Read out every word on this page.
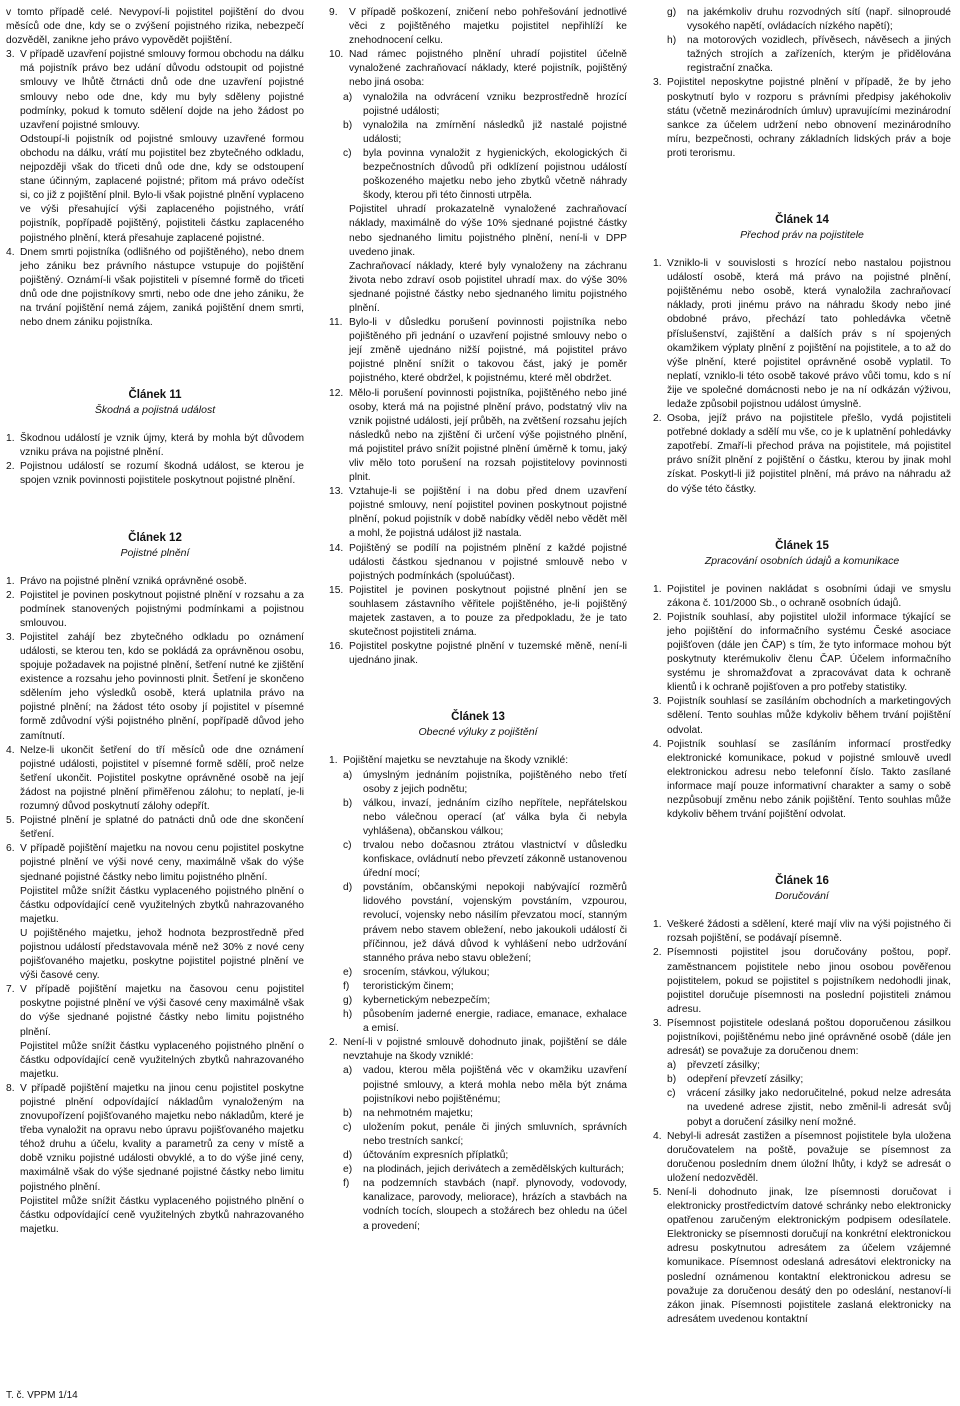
v tomto případě celé. Nevypoví-li pojistitel pojištění do dvou měsíců ode dne, kdy se o zvýšení pojistného rizika, nebezpečí dozvěděl, zanikne jeho právo vypovědět pojištění.

3. V případě uzavření pojistné smlouvy formou obchodu na dálku má pojistník právo bez udání důvodu odstoupit od pojistné smlouvy ve lhůtě čtrnácti dnů ode dne uzavření pojistné smlouvy nebo ode dne, kdy mu byly sděleny pojistné podmínky, pokud k tomuto sdělení dojde na jeho žádost po uzavření pojistné smlouvy.

Odstoupí-li pojistník od pojistné smlouvy uzavřené formou obchodu na dálku, vrátí mu pojistitel bez zbytečného odkladu, nejpozději však do třiceti dnů ode dne, kdy se odstoupení stane účinným, zaplacené pojistné; přitom má právo odečíst si, co již z pojištění plnil. Bylo-li však pojistné plnění vyplaceno ve výši přesahující výši zaplaceného pojistného, vrátí pojistník, popřípadě pojištěný, pojistiteli částku zaplaceného pojistného plnění, která přesahuje zaplacené pojistné.

4. Dnem smrti pojistníka (odlišného od pojištěného), nebo dnem jeho zániku bez právního nástupce vstupuje do pojištění pojištěný. Oznámí-li však pojistiteli v písemné formě do třiceti dnů ode dne pojistníkovy smrti, nebo ode dne jeho zániku, že na trvání pojištění nemá zájem, zaniká pojištění dnem smrti, nebo dnem zániku pojistníka.
Článek 11
Škodná a pojistná událost
1. Škodnou událostí je vznik újmy, která by mohla být důvodem vzniku práva na pojistné plnění.
2. Pojistnou událostí se rozumí škodná událost, se kterou je spojen vznik povinnosti pojistitele poskytnout pojistné plnění.
Článek 12
Pojistné plnění
1. Právo na pojistné plnění vzniká oprávněné osobě.
2. Pojistitel je povinen poskytnout pojistné plnění v rozsahu a za podmínek stanovených pojistnými podmínkami a pojistnou smlouvou.
3. Pojistitel zahájí bez zbytečného odkladu po oznámení události, se kterou ten, kdo se pokládá za oprávněnou osobu, spojuje požadavek na pojistné plnění, šetření nutné ke zjištění existence a rozsahu jeho povinnosti plnit. Šetření je skončeno sdělením jeho výsledků osobě, která uplatnila právo na pojistné plnění; na žádost této osoby jí pojistitel v písemné formě zdůvodní výši pojistného plnění, popřípadě důvod jeho zamítnutí.
4. Nelze-li ukončit šetření do tří měsíců ode dne oznámení pojistné události, pojistitel v písemné formě sdělí, proč nelze šetření ukončit. Pojistitel poskytne oprávněné osobě na její žádost na pojistné plnění přiměřenou zálohu; to neplatí, je-li rozumný důvod poskytnutí zálohy odepřít.
5. Pojistné plnění je splatné do patnácti dnů ode dne skončení šetření.
6. V případě pojištění majetku na novou cenu pojistitel poskytne pojistné plnění ve výši nové ceny, maximálně však do výše sjednané pojistné částky nebo limitu pojistného plnění.

Pojistitel může snížit částku vyplaceného pojistného plnění o částku odpovídající ceně využitelných zbytků nahrazovaného majetku.

U pojištěného majetku, jehož hodnota bezprostředně před pojistnou událostí představovala méně než 30% z nové ceny pojišťovaného majetku, poskytne pojistitel pojistné plnění ve výši časové ceny.

7. V případě pojištění majetku na časovou cenu pojistitel poskytne pojistné plnění ve výši časové ceny maximálně však do výše sjednané pojistné částky nebo limitu pojistného plnění.

Pojistitel může snížit částku vyplaceného pojistného plnění o částku odpovídající ceně využitelných zbytků nahrazovaného majetku.

8. V případě pojištění majetku na jinou cenu pojistitel poskytne pojistné plnění odpovídající nákladům vynaloženým na znovupořízení pojišťovaného majetku nebo nákladům, které je třeba vynaložit na opravu nebo úpravu pojišťovaného majetku téhož druhu a účelu, kvality a parametrů za ceny v místě a době vzniku pojistné události obvyklé, a to do výše jiné ceny, maximálně však do výše sjednané pojistné částky nebo limitu pojistného plnění.

Pojistitel může snížit částku vyplaceného pojistného plnění o částku odpovídající ceně využitelných zbytků nahrazovaného majetku.

9.	V případě poškození, zničení nebo pohřešování jednotlivé věci z pojištěného majetku pojistitel nepřihlíží ke znehodnocení celku.
10. Nad rámec pojistného plnění uhradí pojistitel účelně vynaložené zachraňovací náklady, které pojistník, pojištěný nebo jiná osoba:
a)	vynaložila na odvrácení vzniku bezprostředně hrozící pojistné události;
b)	vynaložila na zmírnění následků již nastalé pojistné události;
c)	byla povinna vynaložit z hygienických, ekologických či bezpečnostních důvodů při odklízení pojistnou událostí poškozeného majetku nebo jeho zbytků včetně náhrady škody, kterou při této činnosti utrpěla.

Pojistitel uhradí prokazatelně vynaložené zachraňovací náklady, maximálně do výše 10% sjednané pojistné částky nebo sjednaného limitu pojistného plnění, není-li v DPP uvedeno jinak.

Zachraňovací náklady, které byly vynaloženy na záchranu života nebo zdraví osob pojistitel uhradí max. do výše 30% sjednané pojistné částky nebo sjednaného limitu pojistného plnění.

11. Bylo-li v důsledku porušení povinnosti pojistníka nebo pojištěného při jednání o uzavření pojistné smlouvy nebo o její změně ujednáno nižší pojistné, má pojistitel právo pojistné plnění snížit o takovou část, jaký je poměr pojistného, které obdržel, k pojistnému, které měl obdržet.
12. Mělo-li porušení povinnosti pojistníka, pojištěného nebo jiné osoby, která má na pojistné plnění právo, podstatný vliv na vznik pojistné události, její průběh, na zvětšení rozsahu jejích následků nebo na zjištění či určení výše pojistného plnění, má pojistitel právo snížit pojistné plnění úměrně k tomu, jaký vliv mělo toto porušení na rozsah pojistitelovy povinnosti plnit.
13. Vztahuje-li se pojištění i na dobu před dnem uzavření pojistné smlouvy, není pojistitel povinen poskytnout pojistné plnění, pokud pojistník v době nabídky věděl nebo vědět měl a mohl, že pojistná událost již nastala.
14. Pojištěný se podílí na pojistném plnění z každé pojistné události částkou sjednanou v pojistné smlouvě nebo v pojistných podmínkách (spoluúčast).
15. Pojistitel je povinen poskytnout pojistné plnění jen se souhlasem zástavního věřitele pojištěného, je-li pojištěný majetek zastaven, a to pouze za předpokladu, že je tato skutečnost pojistiteli známa.
16. Pojistitel poskytne pojistné plnění v tuzemské měně, není-li ujednáno jinak.
Článek 13
Obecné výluky z pojištění
1. Pojištění majetku se nevztahuje na škody vzniklé:
a)	úmyslným jednáním pojistníka, pojištěného nebo třetí osoby z jejich podnětu;
b)	válkou, invazí, jednáním cizího nepřítele, nepřátelskou nebo válečnou operací (ať válka byla či nebyla vyhlášena), občanskou válkou;
c)	trvalou nebo dočasnou ztrátou vlastnictví v důsledku konfiskace, ovládnutí nebo převzetí zákonně ustanovenou úřední mocí;
d)	povstáním, občanskými nepokoji nabývající rozměrů lidového povstání, vojenským povstáním, vzpourou, revolucí, vojensky nebo násilím převzatou mocí, stanným právem nebo stavem obležení, nebo jakoukoli událostí či příčinnou, jež dává důvod k vyhlášení nebo udržování stanného práva nebo stavu obležení;
e)	srocením, stávkou, výlukou;
f)	teroristickým činem;
g)	kybernetickým nebezpečím;
h)	působením jaderné energie, radiace, emanace, exhalace a emisí.
2. Není-li v pojistné smlouvě dohodnuto jinak, pojištění se dále nevztahuje na škody vzniklé:
a)	vadou, kterou měla pojištěná věc v okamžiku uzavření pojistné smlouvy, a která mohla nebo měla být známa pojistníkovi nebo pojištěnému;
b)	na nehmotném majetku;
c)	uložením pokut, penále či jiných smluvních, správních nebo trestních sankcí;
d)	účtováním expresních příplatků;
e)	na plodinách, jejich derivátech a zemědělských kulturách;
f)	na podzemních stavbách (např. plynovody, vodovody, kanalizace, parovody, meliorace), hrázích a stavbách na vodních tocích, sloupech a stožárech bez ohledu na účel a provedení;
g)	na jakémkoliv druhu rozvodných sítí (např. silnoproudé vysokého napětí, ovládacích nízkého napětí);
h)	na motorových vozidlech, přívěsech, návěsech a jiných tažných strojích a zařízeních, kterým je přidělována registrační značka.
3. Pojistitel neposkytne pojistné plnění v případě, že by jeho poskytnutí bylo v rozporu s právními předpisy jakéhokoliv státu (včetně mezinárodních úmluv) upravujícími mezinárodní sankce za účelem udržení nebo obnovení mezinárodního míru, bezpečnosti, ochrany základních lidských práv a boje proti terorismu.
Článek 14
Přechod práv na pojistitele
1. Vzniklo-li v souvislosti s hrozící nebo nastalou pojistnou událostí osobě, která má právo na pojistné plnění, pojištěnému nebo osobě, která vynaložila zachraňovací náklady, proti jinému právo na náhradu škody nebo jiné obdobné právo, přechází tato pohledávka včetně příslušenství, zajištění a dalších práv s ní spojených okamžikem výplaty plnění z pojištění na pojistitele, a to až do výše plnění, které pojistitel oprávněné osobě vyplatil. To neplatí, vzniklo-li této osobě takové právo vůči tomu, kdo s ní žije ve společné domácnosti nebo je na ní odkázán výživou, ledaže způsobil pojistnou událost úmyslně.
2. Osoba, jejíž právo na pojistitele přešlo, vydá pojistiteli potřebné doklady a sdělí mu vše, co je k uplatnění pohledávky zapotřebí. Zmaří-li přechod práva na pojistitele, má pojistitel právo snížit plnění z pojištění o částku, kterou by jinak mohl získat. Poskytl-li již pojistitel plnění, má právo na náhradu až do výše této částky.
Článek 15
Zpracování osobních údajů a komunikace
1. Pojistitel je povinen nakládat s osobními údaji ve smyslu zákona č. 101/2000 Sb., o ochraně osobních údajů.
2. Pojistník souhlasí, aby pojistitel uložil informace týkající se jeho pojištění do informačního systému České asociace pojišťoven (dále jen ČAP) s tím, že tyto informace mohou být poskytnuty kterémukoliv členu ČAP. Účelem informačního systému je shromažďovat a zpracovávat data k ochraně klientů i k ochraně pojišťoven a pro potřeby statistiky.
3. Pojistník souhlasí se zasíláním obchodních a marketingových sdělení. Tento souhlas může kdykoliv během trvání pojištění odvolat.
4. Pojistník souhlasí se zasíláním informací prostředky elektronické komunikace, pokud v pojistné smlouvě uvedl elektronickou adresu nebo telefonní číslo. Takto zasílané informace mají pouze informativní charakter a samy o sobě nezpůsobují změnu nebo zánik pojištění. Tento souhlas může kdykoliv během trvání pojištění odvolat.
Článek 16
Doručování
1. Veškeré žádosti a sdělení, které mají vliv na výši pojistného či rozsah pojištění, se podávají písemně.
2. Písemnosti pojistitel jsou doručovány poštou, popř. zaměstnancem pojistitele nebo jinou osobou pověřenou pojistitelem, pokud se pojistitel s pojistníkem nedohodli jinak, pojistitel doručuje písemnosti na poslední pojistiteli známou adresu.
3. Písemnost pojistitele odeslaná poštou doporučenou zásilkou pojistníkovi, pojištěnému nebo jiné oprávněné osobě (dále jen adresát) se považuje za doručenou dnem:
a)	převzetí zásilky;
b)	odepření převzetí zásilky;
c)	vrácení zásilky jako nedoručitelné, pokud nelze adresáta na uvedené adrese zjistit, nebo změnil-li adresát svůj pobyt a doručení zásilky není možné.
4. Nebyl-li adresát zastižen a písemnost pojistitele byla uložena doručovatelem na poště, považuje se písemnost za doručenou posledním dnem úložní lhůty, i když se adresát o uložení nedozvěděl.
5. Není-li dohodnuto jinak, lze písemnosti doručovat i elektronicky prostředictvím datové schránky nebo elektronicky opatřenou zaručeným elektronickým podpisem odesílatele. Elektronicky se písemnosti doručují na konkrétní elektronickou adresu poskytnutou adresátem za účelem vzájemné komunikace. Písemnost odeslaná adresátovi elektronicky na poslední oznámenou kontaktní elektronickou adresu se považuje za doručenou desátý den po odeslání, nestanoví-li zákon jinak. Písemnosti pojistitele zaslaná elektronicky na adresátem uvedenou kontaktní
T. č. VPPM 1/14
